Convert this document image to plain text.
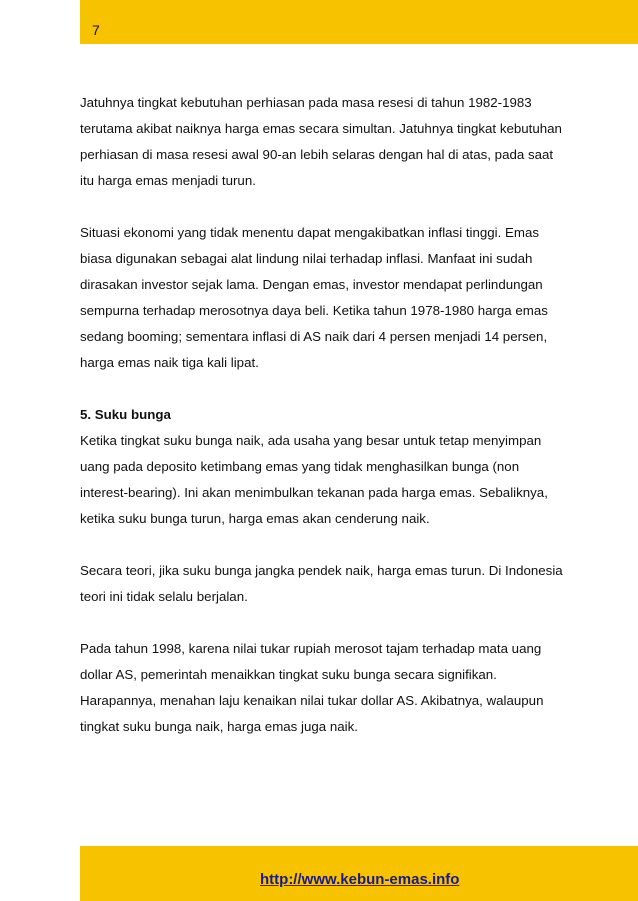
7

Jatuhnya tingkat kebutuhan perhiasan pada masa resesi di tahun 1982-1983 terutama akibat naiknya harga emas secara simultan. Jatuhnya tingkat kebutuhan perhiasan di masa resesi awal 90-an lebih selaras dengan hal di atas, pada saat itu harga emas menjadi turun.

Situasi ekonomi yang tidak menentu dapat mengakibatkan inflasi tinggi. Emas biasa digunakan sebagai alat lindung nilai terhadap inflasi. Manfaat ini sudah dirasakan investor sejak lama. Dengan emas, investor mendapat perlindungan sempurna terhadap merosotnya daya beli. Ketika tahun 1978-1980 harga emas sedang booming; sementara inflasi di AS naik dari 4 persen menjadi 14 persen, harga emas naik tiga kali lipat.

5. Suku bunga
Ketika tingkat suku bunga naik, ada usaha yang besar untuk tetap menyimpan uang pada deposito ketimbang emas yang tidak menghasilkan bunga (non interest-bearing). Ini akan menimbulkan tekanan pada harga emas. Sebaliknya, ketika suku bunga turun, harga emas akan cenderung naik.

Secara teori, jika suku bunga jangka pendek naik, harga emas turun. Di Indonesia teori ini tidak selalu berjalan.

Pada tahun 1998, karena nilai tukar rupiah merosot tajam terhadap mata uang dollar AS, pemerintah menaikkan tingkat suku bunga secara signifikan. Harapannya, menahan laju kenaikan nilai tukar dollar AS. Akibatnya, walaupun tingkat suku bunga naik, harga emas juga naik.

http://www.kebun-emas.info
